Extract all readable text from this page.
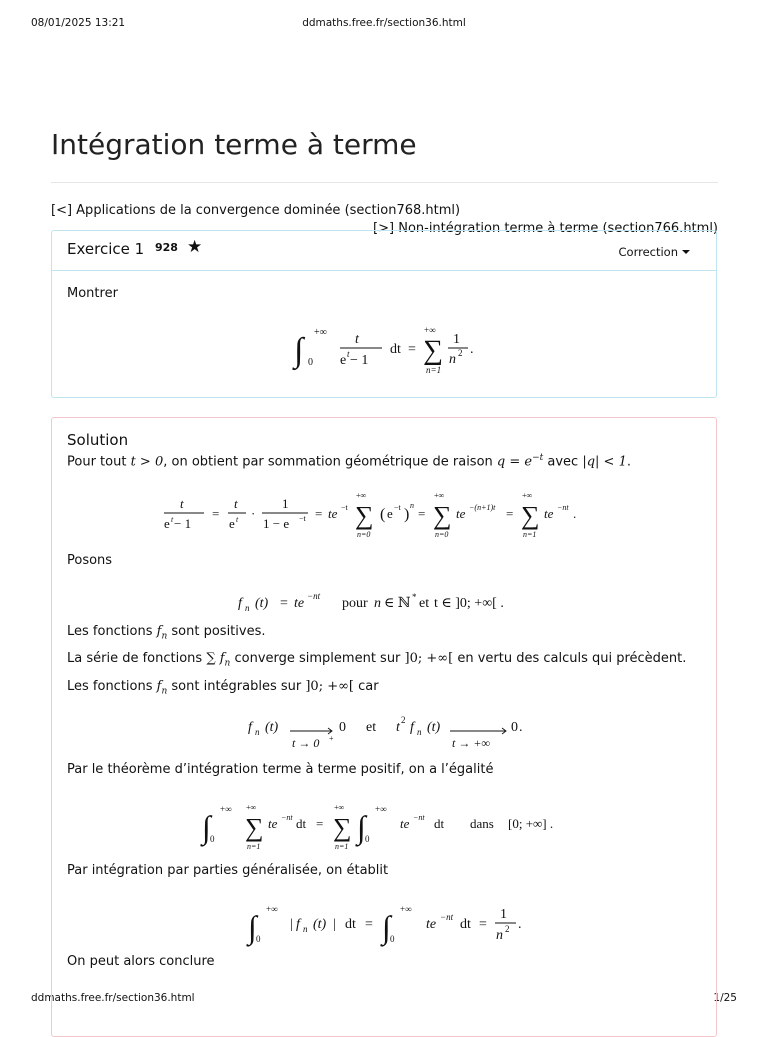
08/01/2025 13:21	ddmaths.free.fr/section36.html
ddmaths.free.fr/section36.html	1/25
Intégration terme à terme
[<] Applications de la convergence dominée (section768.html)
[>] Non-intégration terme à terme (section766.html)
Exercice 1 928 ★	Correction
Montrer
∫ +∞
0
t
e t − 1
dt =
+∞
∑
n=1
1
n 2 .
Solution
Pour tout t > 0, on obtient par sommation géométrique de raison $q = e^{-t}$ avec |q| < 1.
t
e t − 1
=
t
e t ·
1
1 − e −t = te −t
+∞
∑
n=0
( e −t )
n
=
+∞
∑
n=0
te −(n+1)t =
+∞
∑
n=1
te −nt .
Posons
f n (t) = te −nt pour n ∈ ℕ * et t ∈ ]0; +∞[ .
Les fonctions $f_n$ sont positives.
La série de fonctions ∑ $f_n$ converge simplement sur ]0; +∞[ en vertu des calculs qui précèdent.
Les fonctions $f_n$ sont intégrables sur ]0; +∞[ car
f n (t)
t → 0 +
0 et t 2 f n (t)
t → +∞
0 .
Par le théorème d’intégration terme à terme positif, on a l’égalité
∫ +∞
0
+∞
∑
n=1
te −nt dt =
+∞
∑
n=1
∫ +∞
0
te −nt dt dans [0; +∞] .
Par intégration par parties généralisée, on établit
∫ +∞
0
| f n (t) | dt = ∫ +∞
0
te −nt dt =
1
n 2 .
On peut alors conclure
